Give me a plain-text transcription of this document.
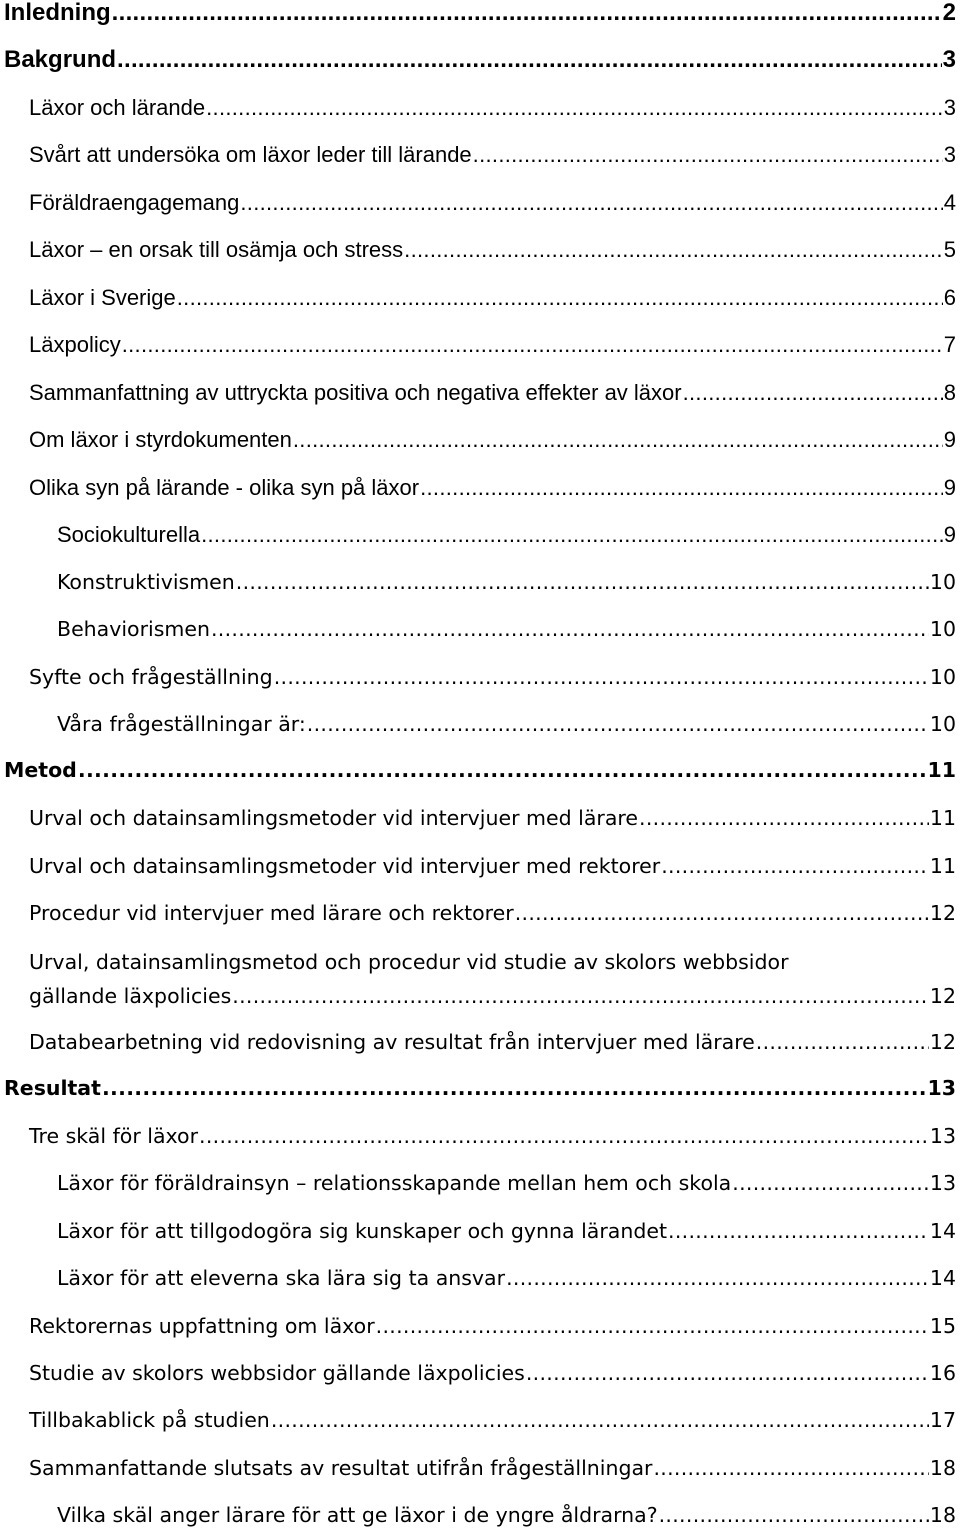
Inledning .....	2
Bakgrund .....	3
Läxor och lärande .....	3
Svårt att undersöka om läxor leder till lärande .....	3
Föräldraengagemang .....	4
Läxor – en orsak till osämja och stress .....	5
Läxor i Sverige .....	6
Läxpolicy .....	7
Sammanfattning av uttryckta positiva och negativa effekter av läxor .....	8
Om läxor i styrdokumenten .....	9
Olika syn på lärande - olika syn på läxor .....	9
Sociokulturella .....	9
Konstruktivismen .....	10
Behaviorismen .....	10
Syfte och frågeställning .....	10
Våra frågeställningar är: .....	10
Metod .....	11
Urval och datainsamlingsmetoder vid intervjuer med lärare .....	11
Urval och datainsamlingsmetoder vid intervjuer med rektorer .....	11
Procedur vid intervjuer med lärare och rektorer .....	12
Urval, datainsamlingsmetod och procedur vid studie av skolors webbsidor
gällande läxpolicies .....	12
Databearbetning vid redovisning av resultat från intervjuer med lärare .....	12
Resultat .....	13
Tre skäl för läxor .....	13
Läxor för föräldrainsyn – relationsskapande mellan hem och skola .....	13
Läxor för att tillgodogöra sig kunskaper och gynna lärandet .....	14
Läxor för att eleverna ska lära sig ta ansvar .....	14
Rektorernas uppfattning om läxor .....	15
Studie av skolors webbsidor gällande läxpolicies .....	16
Tillbakablick på studien .....	17
Sammanfattande slutsats av resultat utifrån frågeställningar .....	18
Vilka skäl anger lärare för att ge läxor i de yngre åldrarna? .....	18
